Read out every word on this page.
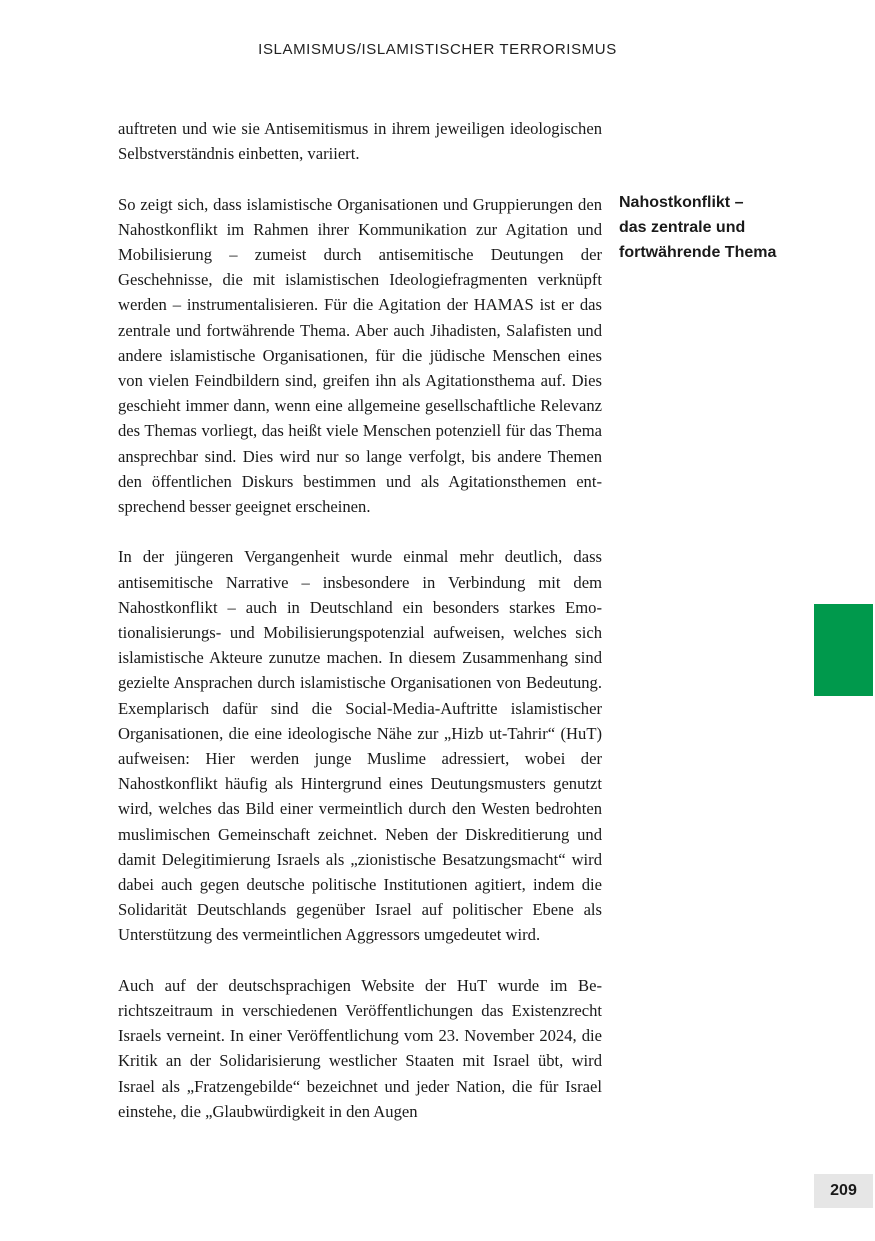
ISLAMISMUS/ISLAMISTISCHER TERRORISMUS

auftreten und wie sie Antisemitismus in ihrem jeweiligen ideologischen Selbstverständnis einbetten, variiert.

So zeigt sich, dass islamistische Organisationen und Gruppierungen den Nahostkonflikt im Rahmen ihrer Kommunikation zur Agitation und Mobilisierung – zumeist durch antisemitische Deutungen der Geschehnisse, die mit islamistischen Ideologiefragmenten verknüpft werden – instrumentalisieren. Für die Agitation der HAMAS ist er das zentrale und fortwährende Thema. Aber auch Jihadisten, Salafisten und andere islamistische Organisationen, für die jüdische Menschen eines von vielen Feindbildern sind, greifen ihn als Agitationsthema auf. Dies geschieht immer dann, wenn eine allgemeine gesellschaftliche Relevanz des Themas vorliegt, das heißt viele Menschen potenziell für das Thema ansprechbar sind. Dies wird nur so lange verfolgt, bis andere Themen den öffentlichen Diskurs bestimmen und als Agitationsthemen entsprechend besser geeignet erscheinen.

In der jüngeren Vergangenheit wurde einmal mehr deutlich, dass antisemitische Narrative – insbesondere in Verbindung mit dem Nahostkonflikt – auch in Deutschland ein besonders starkes Emotionalisierungs- und Mobilisierungspotenzial aufweisen, welches sich islamistische Akteure zunutze machen. In diesem Zusammenhang sind gezielte Ansprachen durch islamistische Organisationen von Bedeutung. Exemplarisch dafür sind die Social-Media-Auftritte islamistischer Organisationen, die eine ideologische Nähe zur „Hizb ut-Tahrir“ (HuT) aufweisen: Hier werden junge Muslime adressiert, wobei der Nahostkonflikt häufig als Hintergrund eines Deutungsmusters genutzt wird, welches das Bild einer vermeintlich durch den Westen bedrohten muslimischen Gemeinschaft zeichnet. Neben der Diskreditierung und damit Delegitimierung Israels als „zionistische Besatzungsmacht“ wird dabei auch gegen deutsche politische Institutionen agitiert, indem die Solidarität Deutschlands gegenüber Israel auf politischer Ebene als Unterstützung des vermeintlichen Aggressors umgedeutet wird.

Auch auf der deutschsprachigen Website der HuT wurde im Berichtszeitraum in verschiedenen Veröffentlichungen das Existenzrecht Israels verneint. In einer Veröffentlichung vom 23. November 2024, die Kritik an der Solidarisierung westlicher Staaten mit Israel übt, wird Israel als „Fratzengebilde“ bezeichnet und jeder Nation, die für Israel einstehe, die „Glaubwürdigkeit in den Augen

Nahostkonflikt –
das zentrale und
fortwährende Thema
209
